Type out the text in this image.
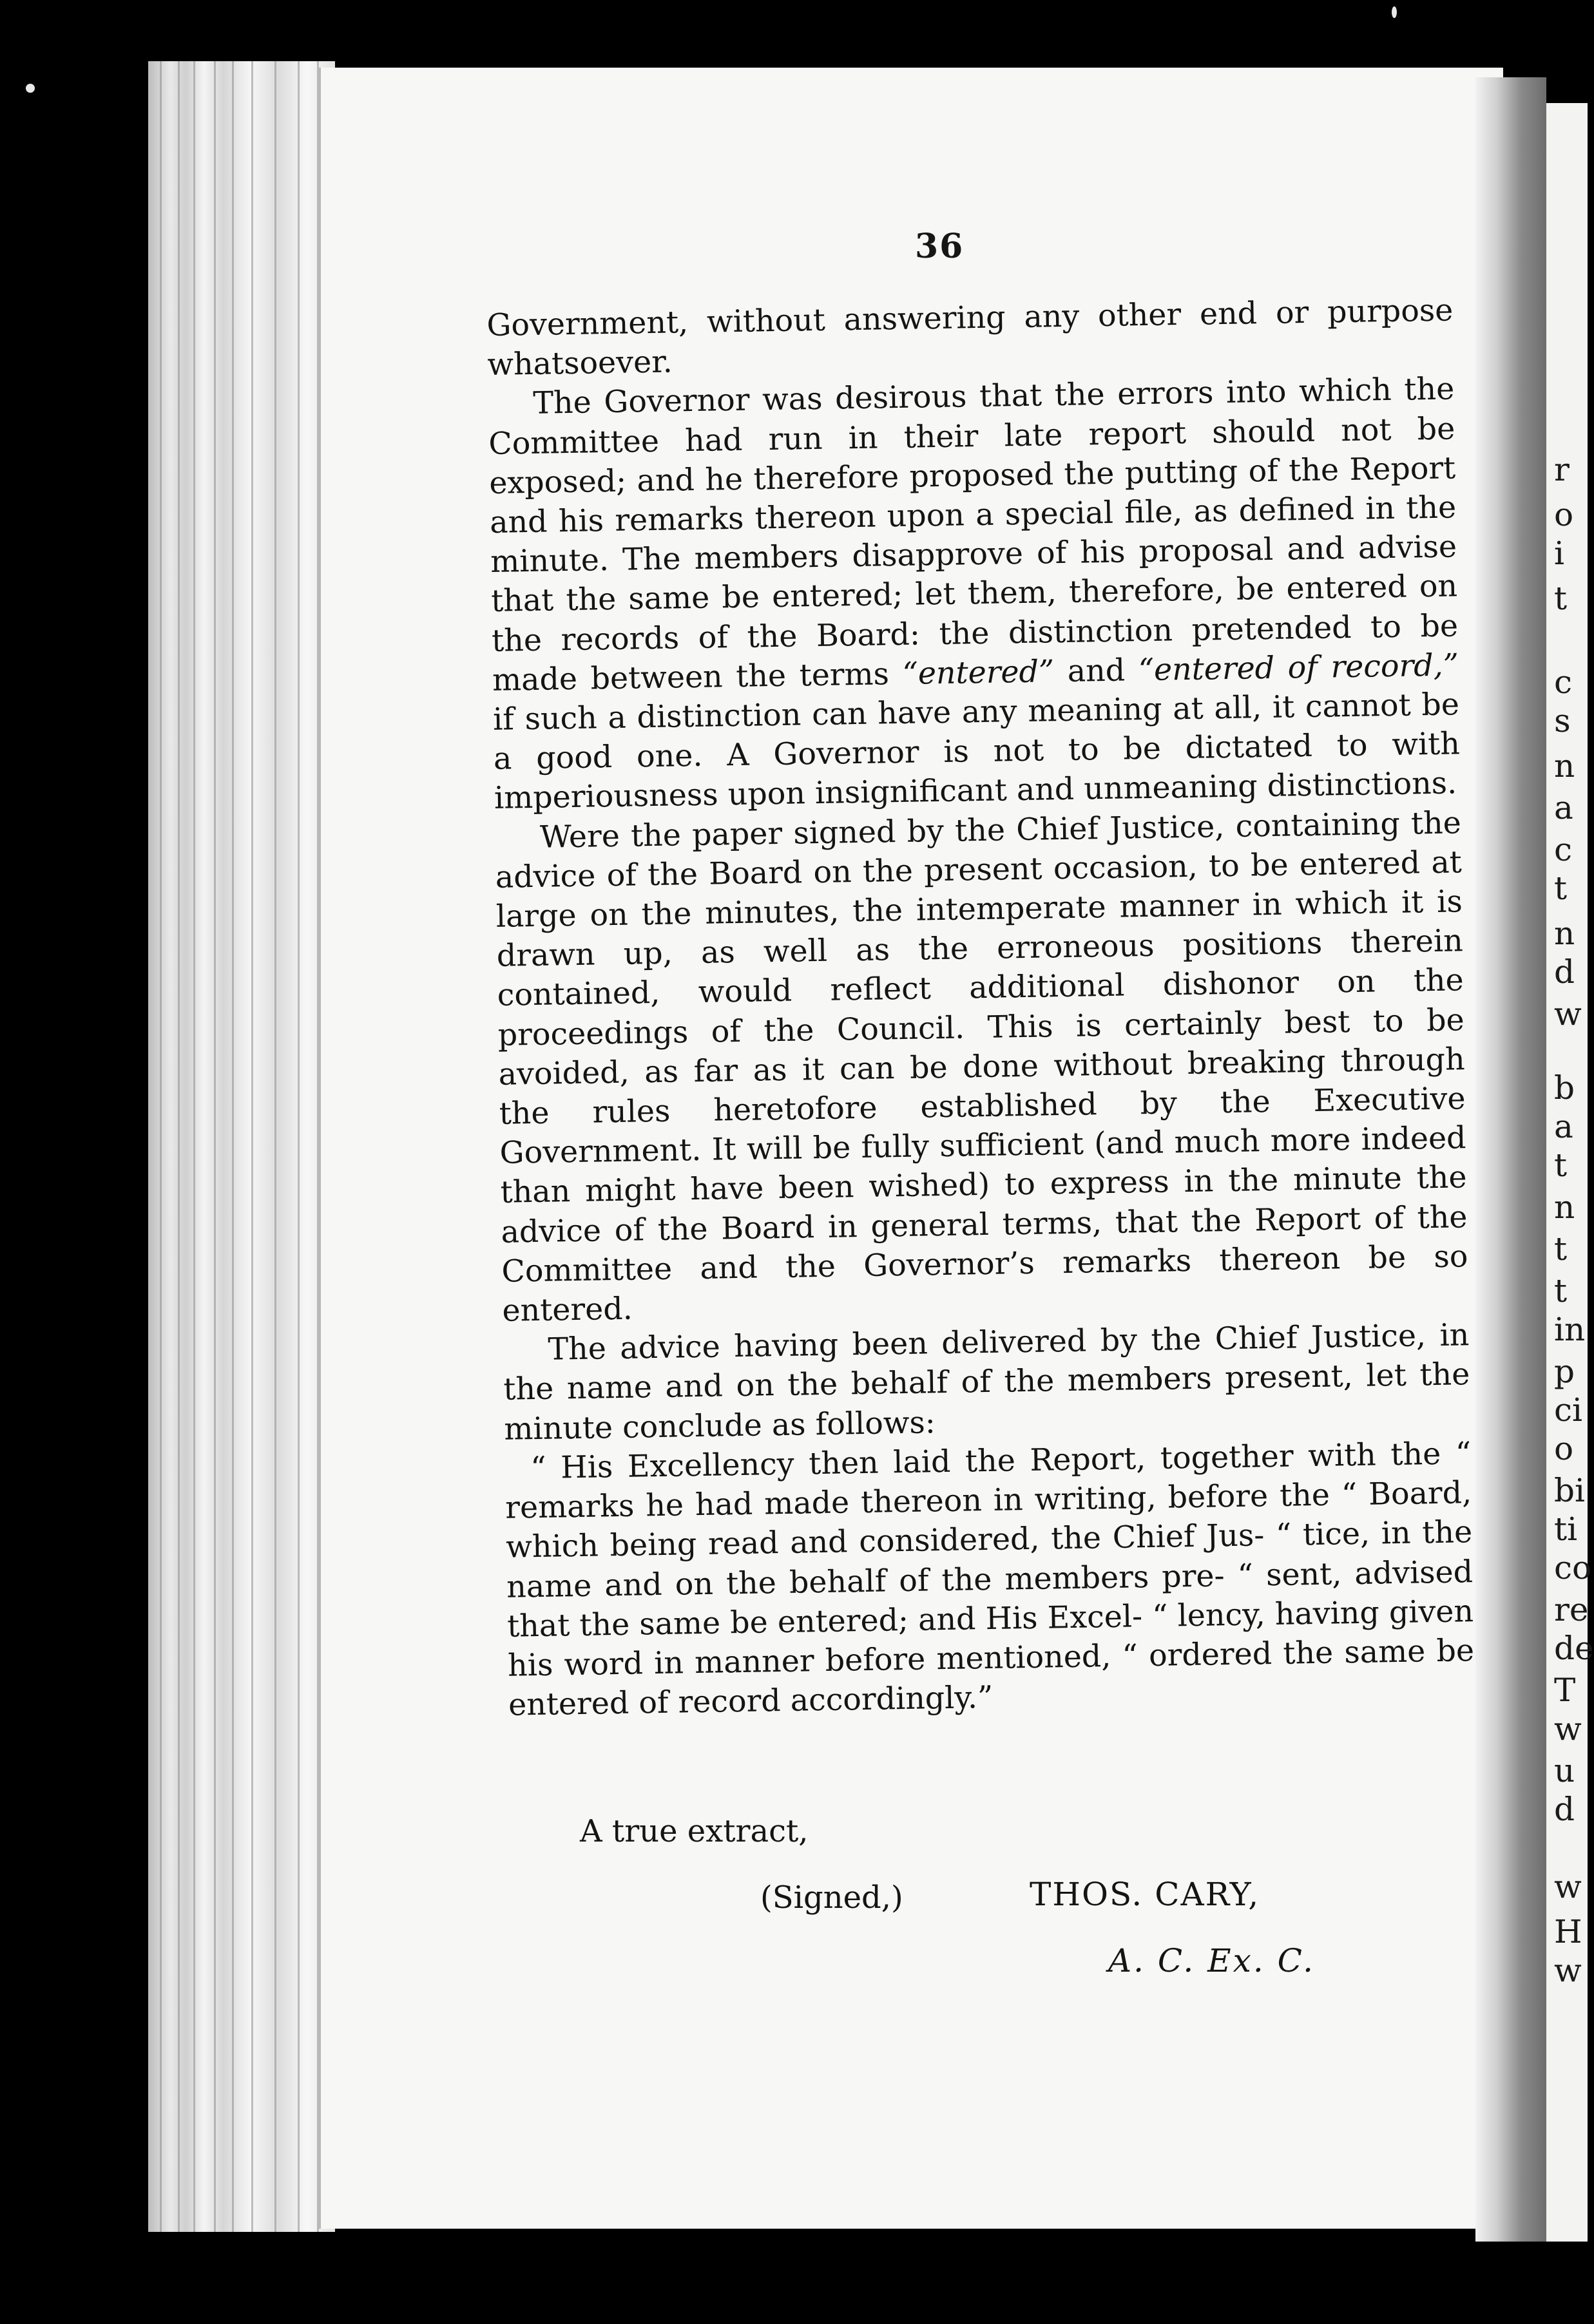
36

Government, without answering any other end or purpose whatsoever.

The Governor was desirous that the errors into which the Committee had run in their late report should not be exposed; and he therefore proposed the putting of the Report and his remarks thereon upon a special file, as defined in the minute. The members disapprove of his proposal and advise that the same be entered; let them, therefore, be entered on the records of the Board: the distinction pretended to be made between the terms “entered” and “entered of record,” if such a distinction can have any meaning at all, it cannot be a good one. A Governor is not to be dictated to with imperiousness upon insignificant and unmeaning distinctions.

Were the paper signed by the Chief Justice, containing the advice of the Board on the present occasion, to be entered at large on the minutes, the intemperate manner in which it is drawn up, as well as the erroneous positions therein contained, would reflect additional dishonor on the proceedings of the Council. This is certainly best to be avoided, as far as it can be done without breaking through the rules heretofore established by the Executive Government. It will be fully sufficient (and much more indeed than might have been wished) to express in the minute the advice of the Board in general terms, that the Report of the Committee and the Governor’s remarks thereon be so entered.

The advice having been delivered by the Chief Justice, in the name and on the behalf of the members present, let the minute conclude as follows:

“ His Excellency then laid the Report, together with the “ remarks he had made thereon in writing, before the “ Board, which being read and considered, the Chief Jus- “ tice, in the name and on the behalf of the members pre- “ sent, advised that the same be entered; and His Excel- “ lency, having given his word in manner before mentioned, “ ordered the same be entered of record accordingly.”

A true extract,
(Signed,)	THOS. CARY,
A. C. Ex. C.
r
o
i
t
c
s
n
a
c
t
n
d
w
b
a
t
n
t
t
in
p
ci
o
bi
ti
co
re
de
T
w
u
d
w
H
w
